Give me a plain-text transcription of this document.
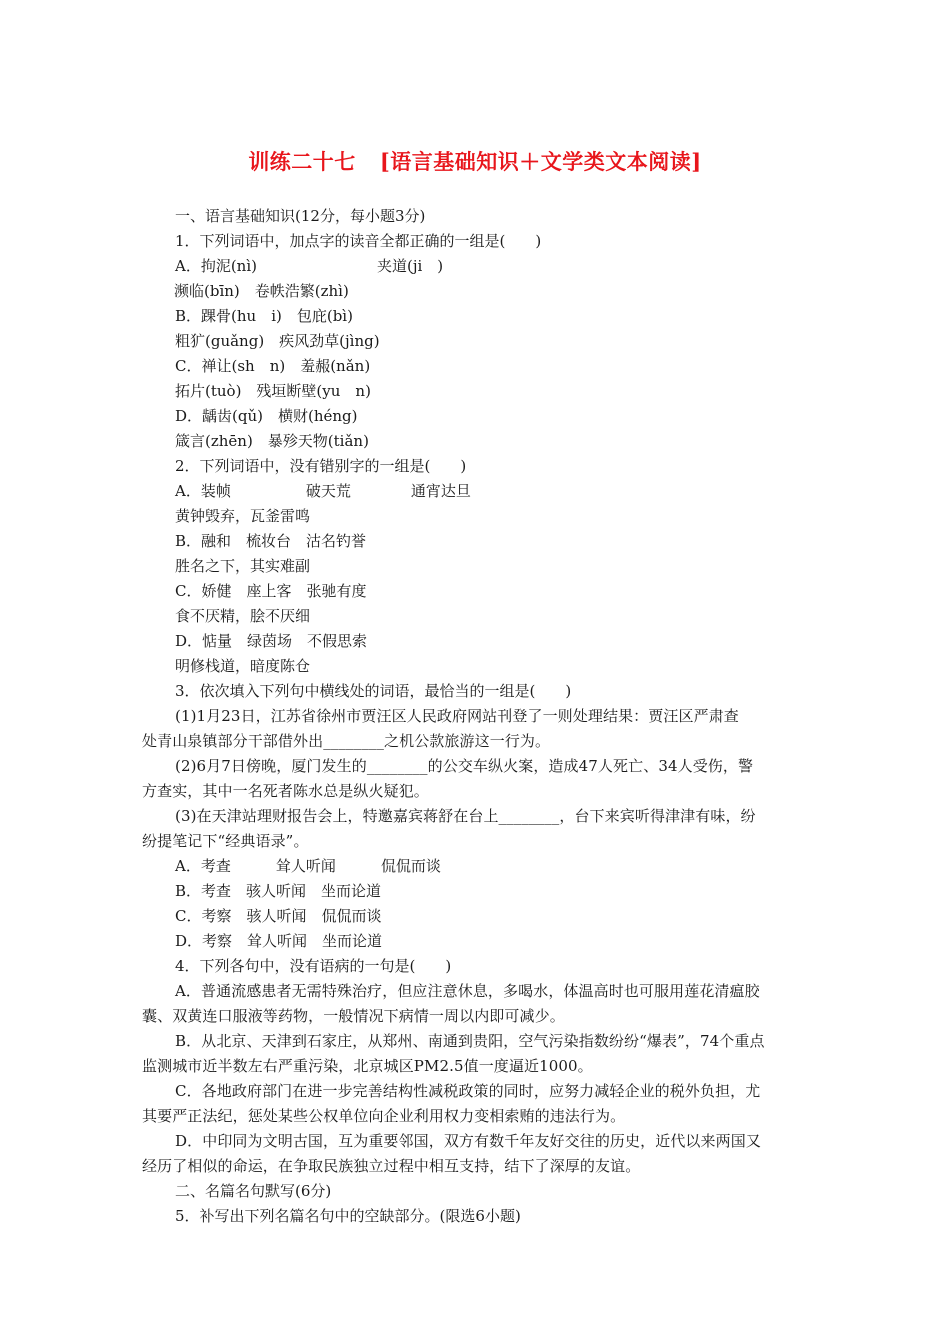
训练二十七 [语言基础知识＋文学类文本阅读]
一、语言基础知识(12分，每小题3分)
1．下列词语中，加点字的读音全都正确的一组是(　　)
A．拘泥(nì)　　　　　　　　夹道(ji　)
濒临(bīn)　卷帙浩繁(zhì)
B．踝骨(hu　i)　包庇(bì)
粗犷(guǎng)　疾风劲草(jìng)
C．禅让(sh　n)　羞赧(nǎn)
拓片(tuò)　残垣断壁(yu　n)
D．龋齿(qǔ)　横财(héng)
箴言(zhēn)　暴殄天物(tiǎn)
2．下列词语中，没有错别字的一组是(　　)
A．装帧　　　　　破天荒　　　　通宵达旦
黄钟毁弃，瓦釜雷鸣
B．融和　梳妆台　沽名钓誉
胜名之下，其实难副
C．娇健　座上客　张驰有度
食不厌精，脍不厌细
D．惦量　绿茵场　不假思索
明修栈道，暗度陈仓
3．依次填入下列句中横线处的词语，最恰当的一组是(　　)
(1)1月23日，江苏省徐州市贾汪区人民政府网站刊登了一则处理结果：贾汪区严肃查
处青山泉镇部分干部借外出________之机公款旅游这一行为。
(2)6月7日傍晚，厦门发生的________的公交车纵火案，造成47人死亡、34人受伤，警
方查实，其中一名死者陈水总是纵火疑犯。
(3)在天津站理财报告会上，特邀嘉宾蒋舒在台上________，台下来宾听得津津有味，纷
纷提笔记下“经典语录”。
A．考查　　　耸人听闻　　　侃侃而谈
B．考查　骇人听闻　坐而论道
C．考察　骇人听闻　侃侃而谈
D．考察　耸人听闻　坐而论道
4．下列各句中，没有语病的一句是(　　)
A．普通流感患者无需特殊治疗，但应注意休息，多喝水，体温高时也可服用莲花清瘟胶
囊、双黄连口服液等药物，一般情况下病情一周以内即可减少。
B．从北京、天津到石家庄，从郑州、南通到贵阳，空气污染指数纷纷“爆表”，74个重点
监测城市近半数左右严重污染，北京城区PM2.5值一度逼近1000。
C．各地政府部门在进一步完善结构性减税政策的同时，应努力减轻企业的税外负担，尤
其要严正法纪，惩处某些公权单位向企业利用权力变相索贿的违法行为。
D．中印同为文明古国，互为重要邻国，双方有数千年友好交往的历史，近代以来两国又
经历了相似的命运，在争取民族独立过程中相互支持，结下了深厚的友谊。
二、名篇名句默写(6分)
5．补写出下列名篇名句中的空缺部分。(限选6小题)
